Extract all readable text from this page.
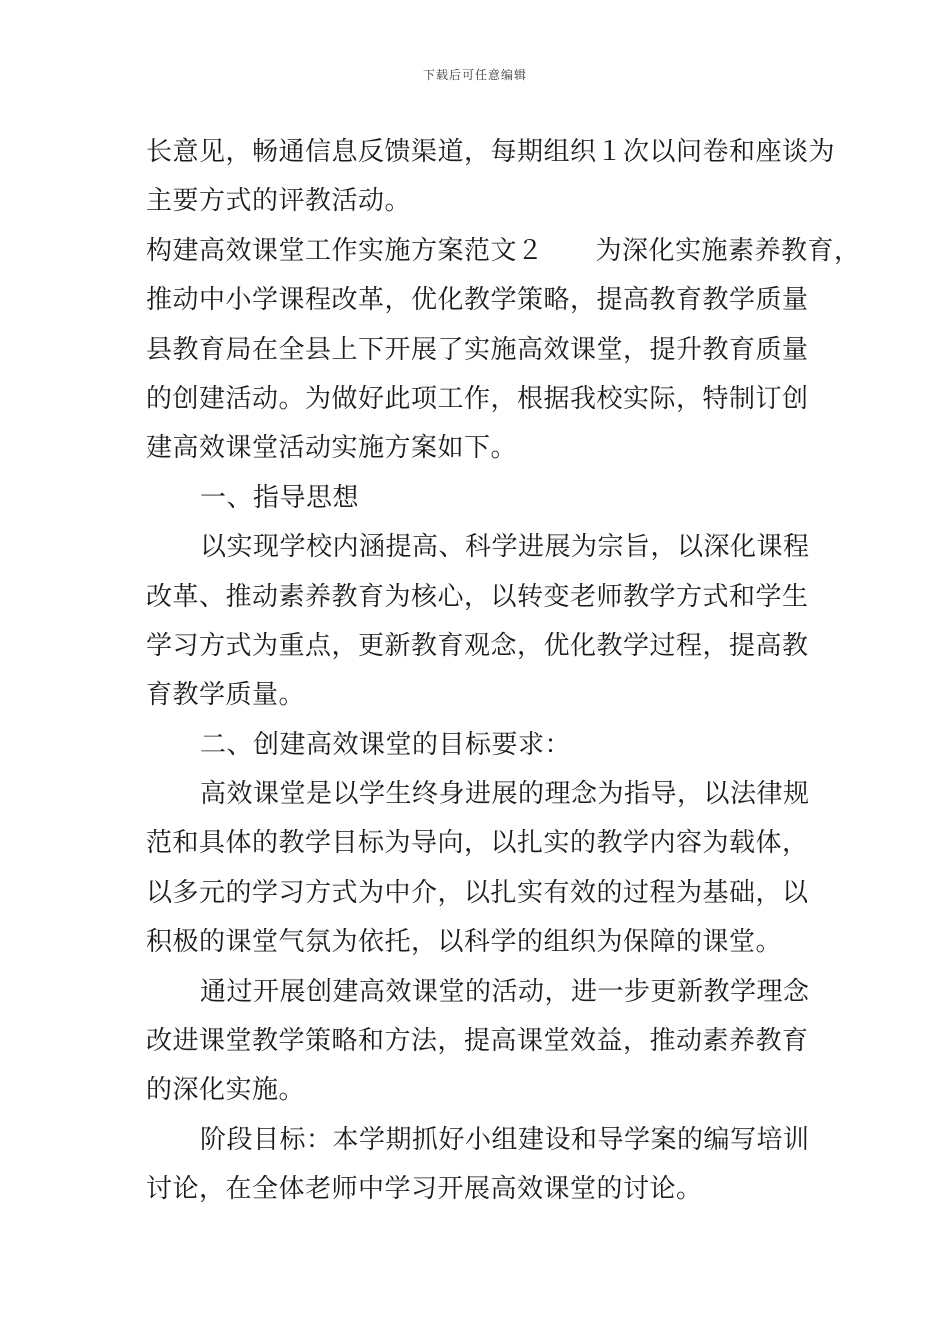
下载后可任意编辑
长意见，畅通信息反馈渠道，每期组织１次以问卷和座谈为
主要方式的评教活动。
构建高效课堂工作实施方案范文２ 为深化实施素养教育，
推动中小学课程改革，优化教学策略，提高教育教学质量
县教育局在全县上下开展了实施高效课堂，提升教育质量
的创建活动。为做好此项工作，根据我校实际，特制订创
建高效课堂活动实施方案如下。
一、指导思想
以实现学校内涵提高、科学进展为宗旨，以深化课程
改革、推动素养教育为核心，以转变老师教学方式和学生
学习方式为重点，更新教育观念，优化教学过程，提高教
育教学质量。
二、创建高效课堂的目标要求：
高效课堂是以学生终身进展的理念为指导，以法律规
范和具体的教学目标为导向，以扎实的教学内容为载体，
以多元的学习方式为中介，以扎实有效的过程为基础，以
积极的课堂气氛为依托，以科学的组织为保障的课堂。
通过开展创建高效课堂的活动，进一步更新教学理念
改进课堂教学策略和方法，提高课堂效益，推动素养教育
的深化实施。
阶段目标：本学期抓好小组建设和导学案的编写培训
讨论，在全体老师中学习开展高效课堂的讨论。
